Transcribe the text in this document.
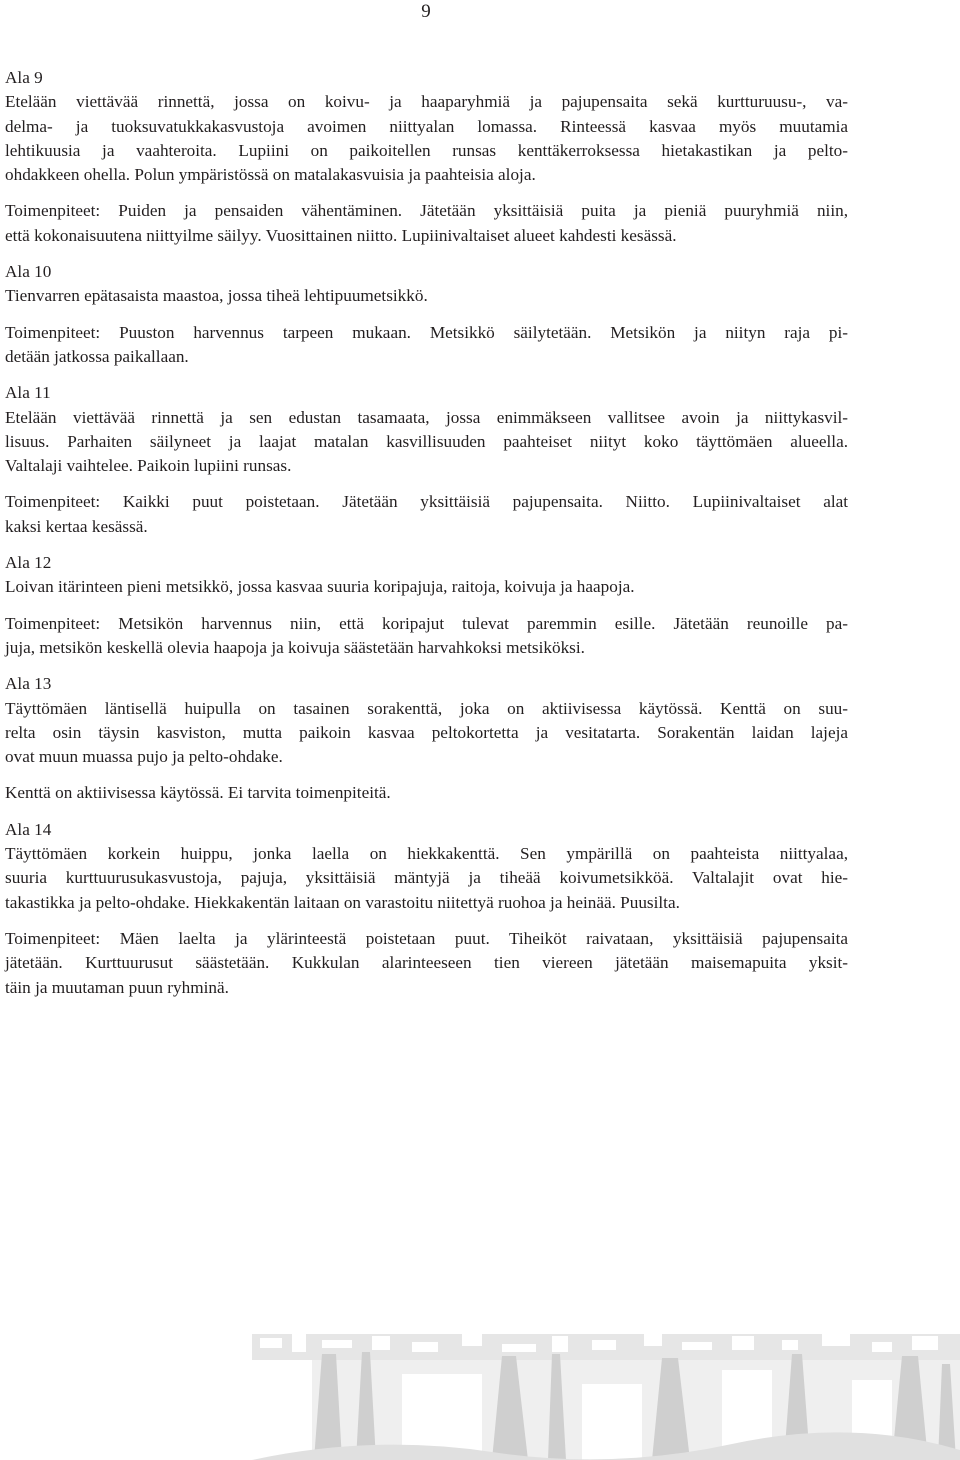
9
Ala 9
Etelään viettävää rinnettä, jossa on koivu- ja haaparyhmiä ja pajupensaita sekä kurtturuusu-, va-
delma- ja tuoksuvatukkakasvustoja avoimen niittyalan lomassa. Rinteessä kasvaa myös muutamia
lehtikuusia ja vaahteroita. Lupiini on paikoitellen runsas kenttäkerroksessa hietakastikan ja pelto-
ohdakkeen ohella. Polun ympäristössä on matalakasvuisia ja paahteisia aloja.
Toimenpiteet: Puiden ja pensaiden vähentäminen. Jätetään yksittäisiä puita ja pieniä puuryhmiä niin,
että kokonaisuutena niittyilme säilyy. Vuosittainen niitto. Lupiinivaltaiset alueet kahdesti kesässä.
Ala 10
Tienvarren epätasaista maastoa, jossa tiheä lehtipuumetsikkö.
Toimenpiteet: Puuston harvennus tarpeen mukaan. Metsikkö säilytetään. Metsikön ja niityn raja pi-
detään jatkossa paikallaan.
Ala 11
Etelään viettävää rinnettä ja sen edustan tasamaata, jossa enimmäkseen vallitsee avoin ja niittykasvil-
lisuus. Parhaiten säilyneet ja laajat matalan kasvillisuuden paahteiset niityt koko täyttömäen alueella.
Valtalaji vaihtelee. Paikoin lupiini runsas.
Toimenpiteet: Kaikki puut poistetaan. Jätetään yksittäisiä pajupensaita. Niitto. Lupiinivaltaiset alat
kaksi kertaa kesässä.
Ala 12
Loivan itärinteen pieni metsikkö, jossa kasvaa suuria koripajuja, raitoja, koivuja ja haapoja.
Toimenpiteet: Metsikön harvennus niin, että koripajut tulevat paremmin esille. Jätetään reunoille pa-
juja, metsikön keskellä olevia haapoja ja koivuja säästetään harvahkoksi metsiköksi.
Ala 13
Täyttömäen läntisellä huipulla on tasainen sorakenttä, joka on aktiivisessa käytössä. Kenttä on suu-
relta osin täysin kasviston, mutta paikoin kasvaa peltokortetta ja vesitatarta. Sorakentän laidan lajeja
ovat muun muassa pujo ja pelto-ohdake.
Kenttä on aktiivisessa käytössä. Ei tarvita toimenpiteitä.
Ala 14
Täyttömäen korkein huippu, jonka laella on hiekkakenttä. Sen ympärillä on paahteista niittyalaa,
suuria kurttuurusukasvustoja, pajuja, yksittäisiä mäntyjä ja tiheää koivumetsikköä. Valtalajit ovat hie-
takastikka ja pelto-ohdake. Hiekkakentän laitaan on varastoitu niitettyä ruohoa ja heinää. Puusilta.
Toimenpiteet: Mäen laelta ja ylärinteestä poistetaan puut. Tiheiköt raivataan, yksittäisiä pajupensaita
jätetään. Kurttuurusut säästetään. Kukkulan alarinteeseen tien viereen jätetään maisemapuita yksit-
täin ja muutaman puun ryhminä.
